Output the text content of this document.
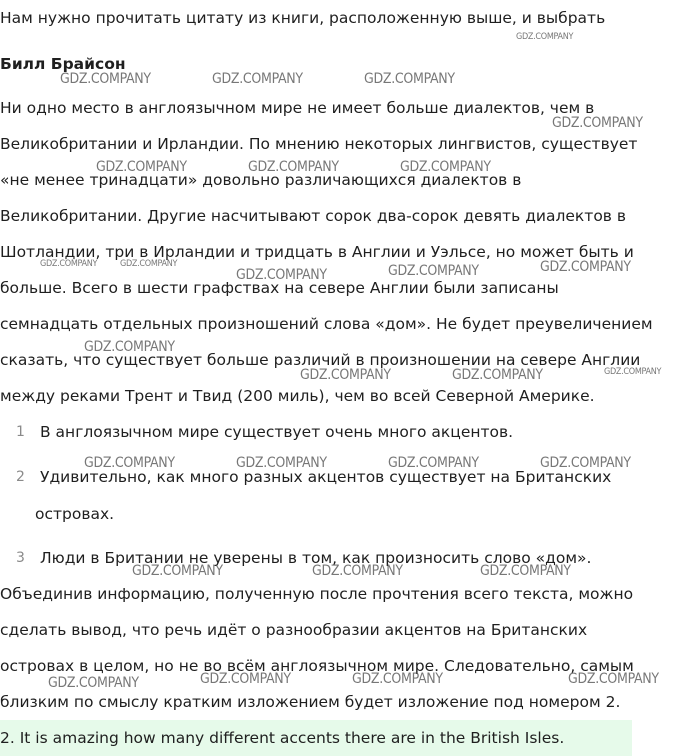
Нам нужно прочитать цитату из книги, расположенную выше, и выбрать
Билл Брайсон
Ни одно место в англоязычном мире не имеет больше диалектов, чем в
Великобритании и Ирландии. По мнению некоторых лингвистов, существует
«не менее тринадцати» довольно различающихся диалектов в
Великобритании. Другие насчитывают сорок два-сорок девять диалектов в
Шотландии, три в Ирландии и тридцать в Англии и Уэльсе, но может быть и
больше. Всего в шести графствах на севере Англии были записаны
семнадцать отдельных произношений слова «дом». Не будет преувеличением
сказать, что существует больше различий в произношении на севере Англии
между реками Трент и Твид (200 миль), чем во всей Северной Америке.
1 В англоязычном мире существует очень много акцентов.
2 Удивительно, как много разных акцентов существует на Британских
островах.
3 Люди в Британии не уверены в том, как произносить слово «дом».
Объединив информацию, полученную после прочтения всего текста, можно
сделать вывод, что речь идёт о разнообразии акцентов на Британских
островах в целом, но не во всём англоязычном мире. Следовательно, самым
близким по смыслу кратким изложением будет изложение под номером 2.
2. It is amazing how many different accents there are in the British Isles.
GDZ.COMPANY
GDZ.COMPANY	GDZ.COMPANY	GDZ.COMPANY
GDZ.COMPANY
GDZ.COMPANY	GDZ.COMPANY	GDZ.COMPANY
GDZ.COMPANY	GDZ.COMPANY	GDZ.COMPANY
GDZ.COMPANY
GDZ.COMPANY
GDZ.COMPANY
GDZ.COMPANY
GDZ.COMPANY	GDZ.COMPANY
GDZ.COMPANY	GDZ.COMPANY	GDZ.COMPANY	GDZ.COMPANY
GDZ.COMPANY	GDZ.COMPANY	GDZ.COMPANY
GDZ.COMPANY	GDZ.COMPANY	GDZ.COMPANY	GDZ.COMPANY
